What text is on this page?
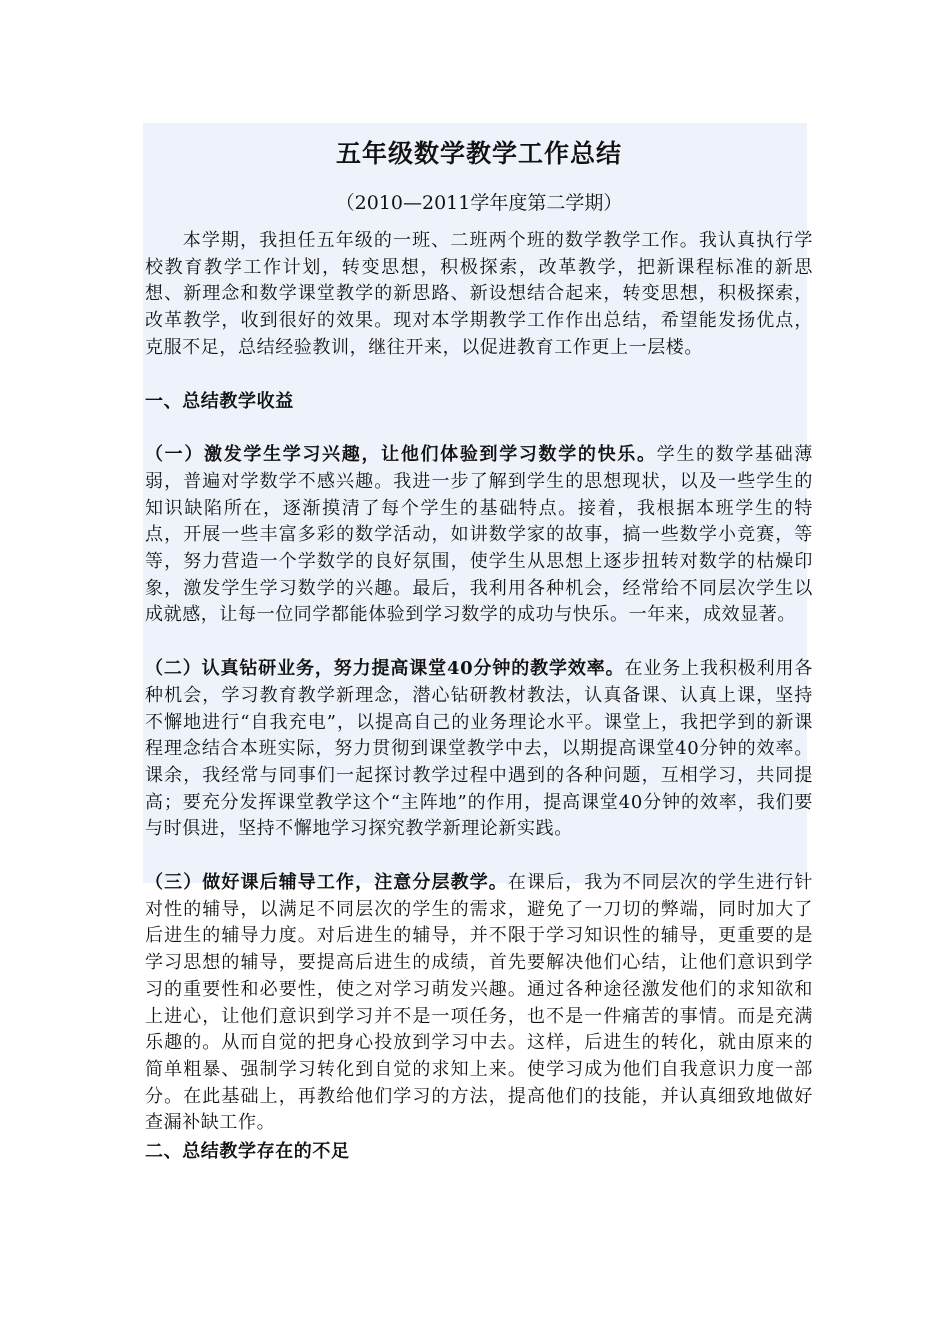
五年级数学教学工作总结
（2010—2011学年度第二学期）

本学期，我担任五年级的一班、二班两个班的数学教学工作。我认真执行学校教育教学工作计划，转变思想，积极探索，改革教学，把新课程标准的新思想、新理念和数学课堂教学的新思路、新设想结合起来，转变思想，积极探索，改革教学，收到很好的效果。现对本学期教学工作作出总结，希望能发扬优点，克服不足，总结经验教训，继往开来，以促进教育工作更上一层楼。

一、总结教学收益

（一）激发学生学习兴趣，让他们体验到学习数学的快乐。学生的数学基础薄弱，普遍对学数学不感兴趣。我进一步了解到学生的思想现状，以及一些学生的知识缺陷所在，逐渐摸清了每个学生的基础特点。接着，我根据本班学生的特点，开展一些丰富多彩的数学活动，如讲数学家的故事，搞一些数学小竞赛，等等，努力营造一个学数学的良好氛围，使学生从思想上逐步扭转对数学的枯燥印象，激发学生学习数学的兴趣。最后，我利用各种机会，经常给不同层次学生以成就感，让每一位同学都能体验到学习数学的成功与快乐。一年来，成效显著。

（二）认真钻研业务，努力提高课堂40分钟的教学效率。在业务上我积极利用各种机会，学习教育教学新理念，潜心钻研教材教法，认真备课、认真上课，坚持不懈地进行“自我充电”，以提高自己的业务理论水平。课堂上，我把学到的新课程理念结合本班实际，努力贯彻到课堂教学中去，以期提高课堂40分钟的效率。课余，我经常与同事们一起探讨教学过程中遇到的各种问题，互相学习，共同提高；要充分发挥课堂教学这个“主阵地”的作用，提高课堂40分钟的效率，我们要与时俱进，坚持不懈地学习探究教学新理论新实践。

（三）做好课后辅导工作，注意分层教学。在课后，我为不同层次的学生进行针对性的辅导，以满足不同层次的学生的需求，避免了一刀切的弊端，同时加大了后进生的辅导力度。对后进生的辅导，并不限于学习知识性的辅导，更重要的是学习思想的辅导，要提高后进生的成绩，首先要解决他们心结，让他们意识到学习的重要性和必要性，使之对学习萌发兴趣。通过各种途径激发他们的求知欲和上进心，让他们意识到学习并不是一项任务，也不是一件痛苦的事情。而是充满乐趣的。从而自觉的把身心投放到学习中去。这样，后进生的转化，就由原来的简单粗暴、强制学习转化到自觉的求知上来。使学习成为他们自我意识力度一部分。在此基础上，再教给他们学习的方法，提高他们的技能，并认真细致地做好查漏补缺工作。

二、总结教学存在的不足
